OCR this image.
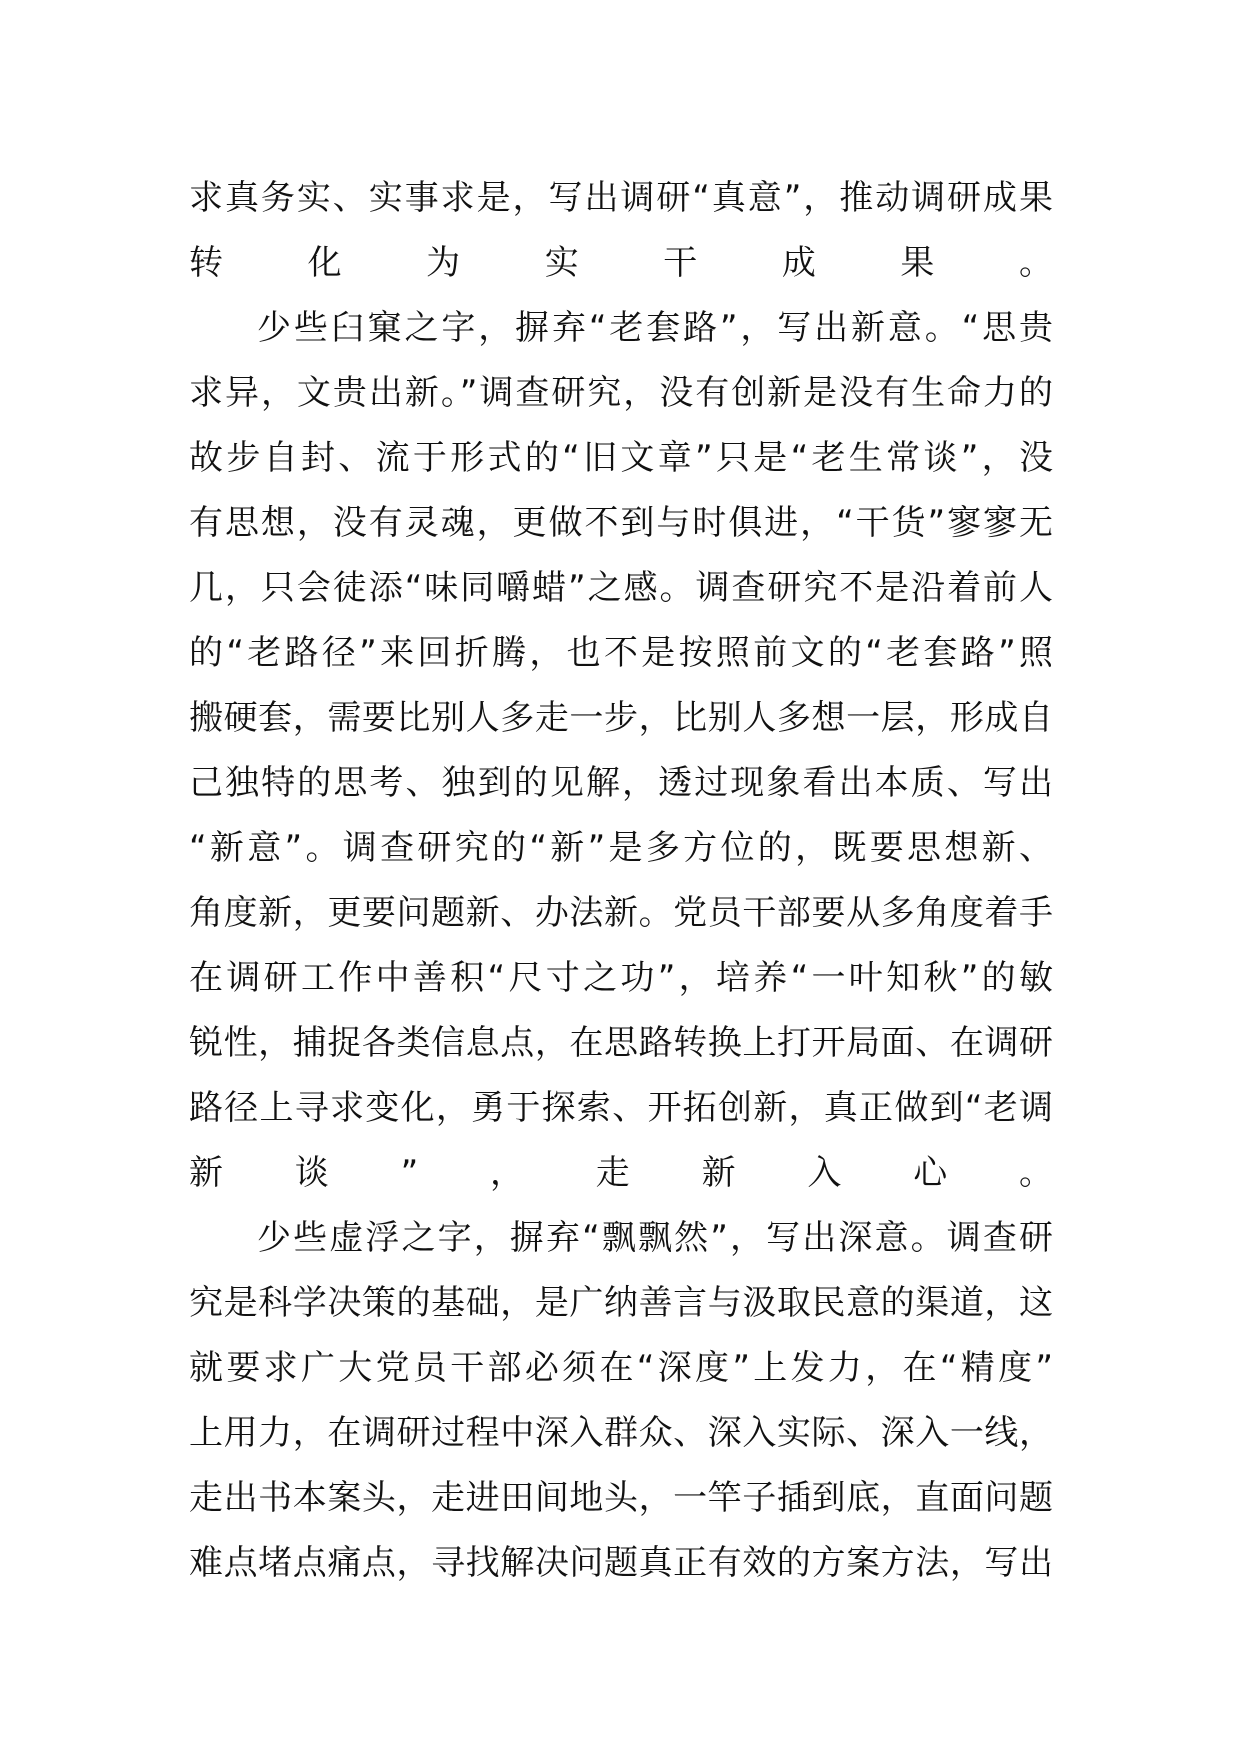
求真务实、实事求是，写出调研“真意”，推动调研成果
转化为实干成果。
少些臼窠之字，摒弃“老套路”，写出新意。“思贵
求异，文贵出新。”调查研究，没有创新是没有生命力的
故步自封、流于形式的“旧文章”只是“老生常谈”，没
有思想，没有灵魂，更做不到与时俱进，“干货”寥寥无
几，只会徒添“味同嚼蜡”之感。调查研究不是沿着前人
的“老路径”来回折腾，也不是按照前文的“老套路”照
搬硬套，需要比别人多走一步，比别人多想一层，形成自
己独特的思考、独到的见解，透过现象看出本质、写出
“新意”。调查研究的“新”是多方位的，既要思想新、
角度新，更要问题新、办法新。党员干部要从多角度着手
在调研工作中善积“尺寸之功”，培养“一叶知秋”的敏
锐性，捕捉各类信息点，在思路转换上打开局面、在调研
路径上寻求变化，勇于探索、开拓创新，真正做到“老调
新谈”，走新入心。
少些虚浮之字，摒弃“飘飘然”，写出深意。调查研
究是科学决策的基础，是广纳善言与汲取民意的渠道，这
就要求广大党员干部必须在“深度”上发力，在“精度”
上用力，在调研过程中深入群众、深入实际、深入一线，
走出书本案头，走进田间地头，一竿子插到底，直面问题
难点堵点痛点，寻找解决问题真正有效的方案方法，写出
